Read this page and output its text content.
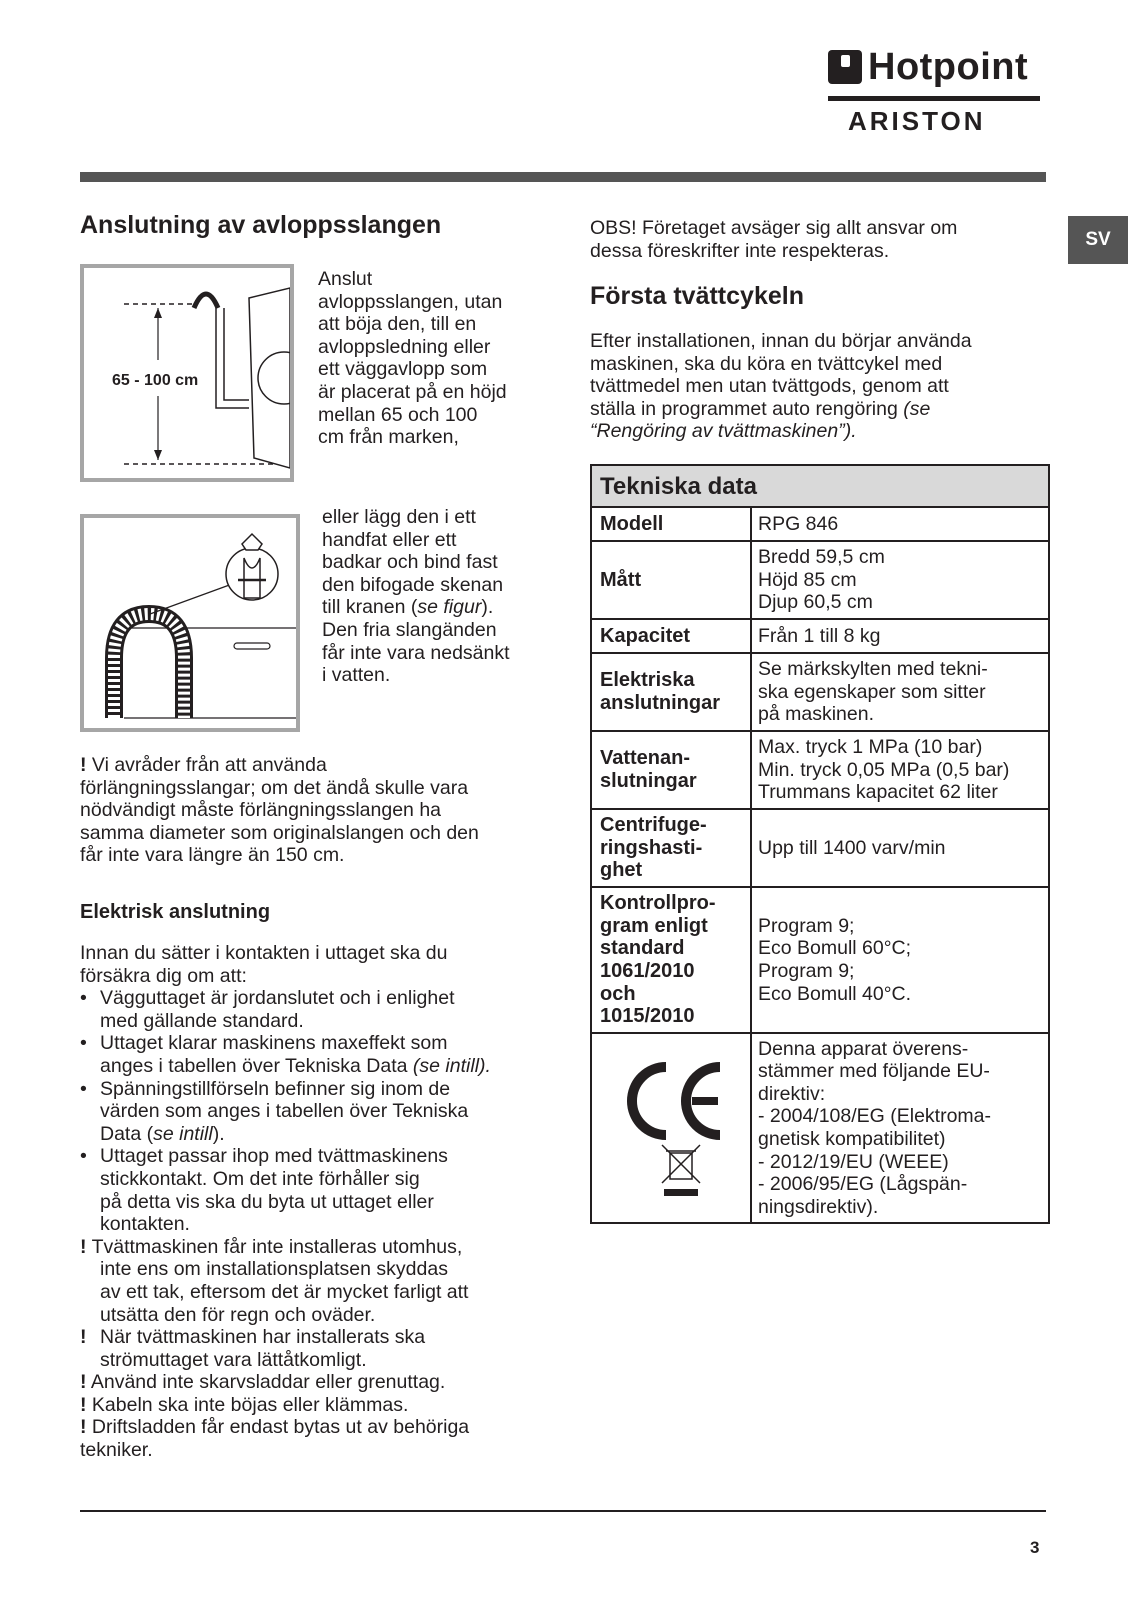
Hotpoint
ARISTON
SV
Anslutning av avloppsslangen
65 - 100 cm
Anslut
avloppsslangen, utan
att böja den, till en
avloppsledning eller
ett väggavlopp som
är placerat på en höjd
mellan 65 och 100
cm från marken,
eller lägg den i ett
handfat eller ett
badkar och bind fast
den bifogade skenan
till kranen (se figur).
Den fria slangänden
får inte vara nedsänkt
i vatten.
! Vi avråder från att använda
förlängningsslangar; om det ändå skulle vara
nödvändigt måste förlängningsslangen ha
samma diameter som originalslangen och den
får inte vara längre än 150 cm.
Elektrisk anslutning
Innan du sätter i kontakten i uttaget ska du
försäkra dig om att:
• Vägguttaget är jordanslutet och i enlighet
med gällande standard.
• Uttaget klarar maskinens maxeffekt som
anges i tabellen över Tekniska Data (se intill).
• Spänningstillförseln befinner sig inom de
värden som anges i tabellen över Tekniska
Data (se intill).
• Uttaget passar ihop med tvättmaskinens
stickkontakt. Om det inte förhåller sig
på detta vis ska du byta ut uttaget eller
kontakten.
! Tvättmaskinen får inte installeras utomhus,
inte ens om installationsplatsen skyddas
av ett tak, eftersom det är mycket farligt att
utsätta den för regn och oväder.
! När tvättmaskinen har installerats ska
strömuttaget vara lättåtkomligt.
! Använd inte skarvsladdar eller grenuttag.
! Kabeln ska inte böjas eller klämmas.
! Driftsladden får endast bytas ut av behöriga
tekniker.
OBS! Företaget avsäger sig allt ansvar om
dessa föreskrifter inte respekteras.
Första tvättcykeln
Efter installationen, innan du börjar använda
maskinen, ska du köra en tvättcykel med
tvättmedel men utan tvättgods, genom att
ställa in programmet auto rengöring (se
“Rengöring av tvättmaskinen”).
Tekniska data
Modell	RPG 846
Mått
Bredd 59,5 cm
Höjd 85 cm
Djup 60,5 cm
Kapacitet	Från 1 till 8 kg
Elektriska
anslutningar
Se märkskylten med tekni-
ska egenskaper som sitter
på maskinen.
Vattenan-
slutningar
Max. tryck 1 MPa (10 bar)
Min. tryck 0,05 MPa (0,5 bar)
Trummans kapacitet 62 liter
Centrifuge-
ringshasti-
ghet
Upp till 1400 varv/min
Kontrollpro-
gram enligt
standard
1061/2010
och
1015/2010
Program 9;
Eco Bomull 60°C;
Program 9;
Eco Bomull 40°C.
Denna apparat överens-
stämmer med följande EU-
direktiv:
- 2004/108/EG (Elektroma-
gnetisk kompatibilitet)
- 2012/19/EU (WEEE)
- 2006/95/EG (Lågspän-
ningsdirektiv).
3
